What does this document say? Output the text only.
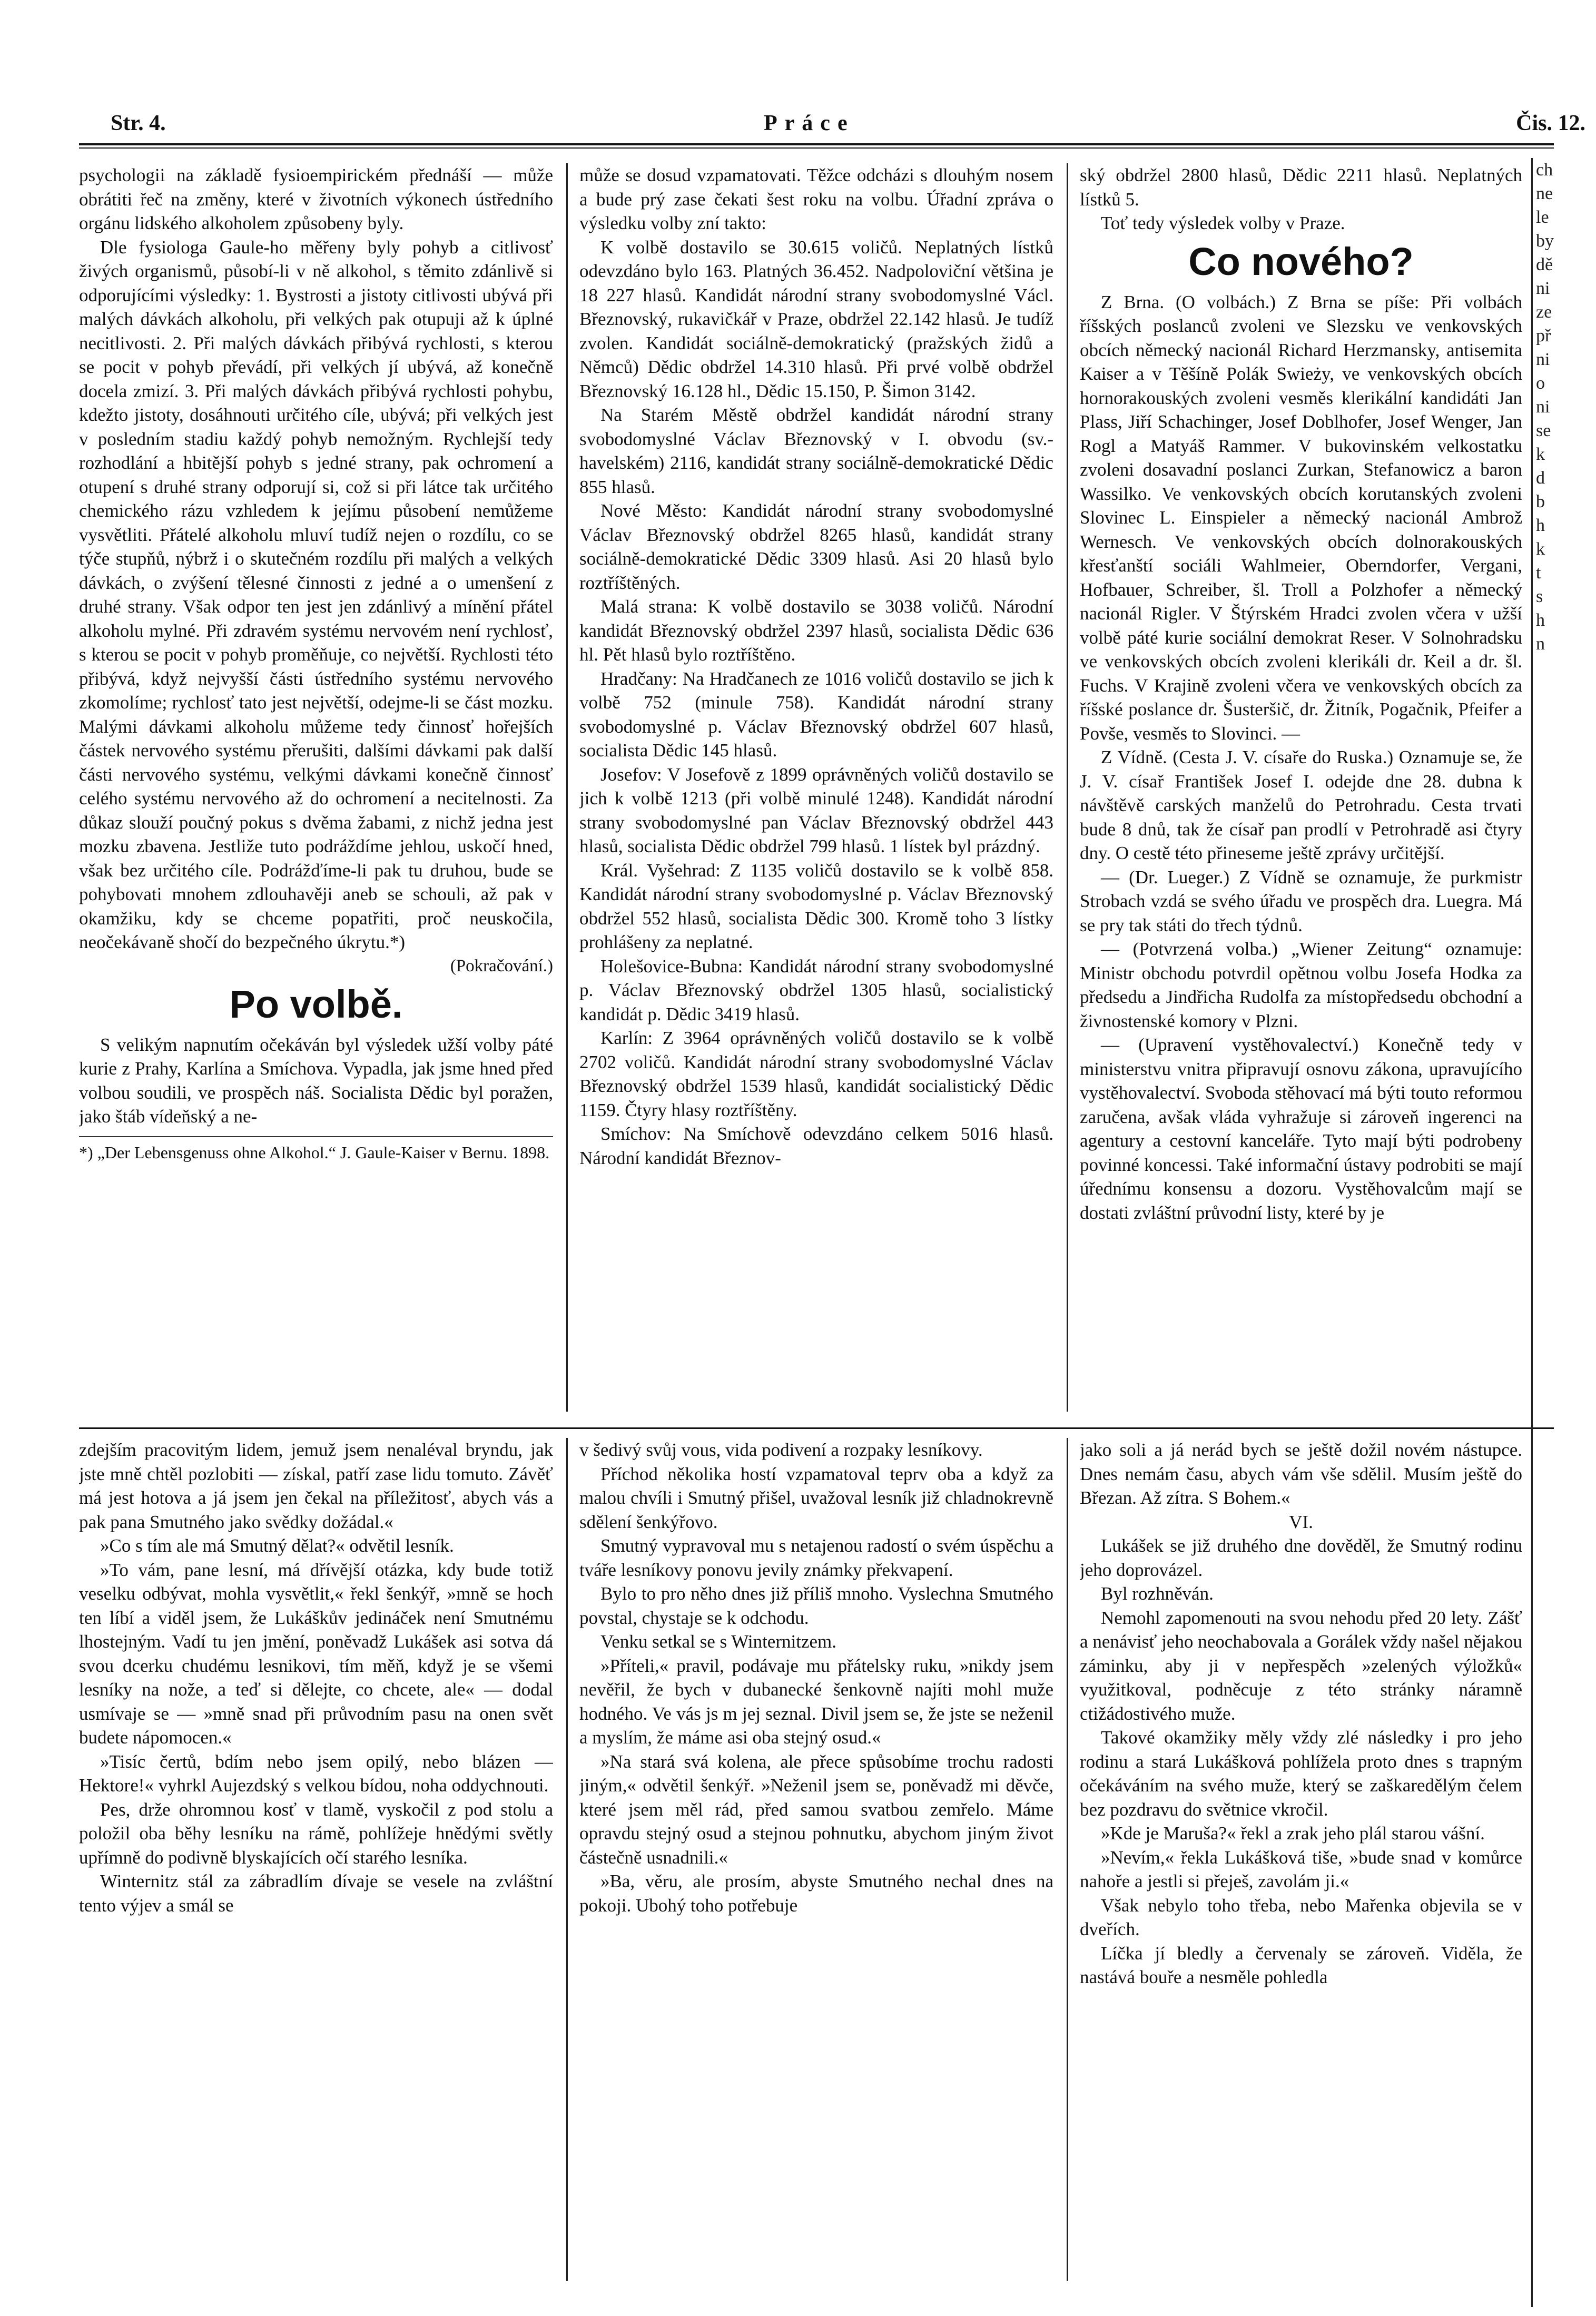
Str. 4.	Práce	Čis. 12.

psychologii na základě fysioempirickém přednáší — může obrátiti řeč na změny, které v životních výkonech ústředního orgánu lidského alkoholem způsobeny byly.

Dle fysiologa Gaule-ho měřeny byly pohyb a citlivosť živých organismů, působí-li v ně alkohol, s těmito zdánlivě si odporujícími výsledky: 1. Bystrosti a jistoty citlivosti ubývá při malých dávkách alkoholu, při velkých pak otupuji až k úplné necitlivosti. 2. Při malých dávkách přibývá rychlosti, s kterou se pocit v pohyb převádí, při velkých jí ubývá, až konečně docela zmizí. 3. Při malých dávkách přibývá rychlosti pohybu, kdežto jistoty, dosáhnouti určitého cíle, ubývá; při velkých jest v posledním stadiu každý pohyb nemožným. Rychlejší tedy rozhodlání a hbitější pohyb s jedné strany, pak ochromení a otupení s druhé strany odporují si, což si při látce tak určitého chemického rázu vzhledem k jejímu působení nemůžeme vysvětliti. Přátelé alkoholu mluví tudíž nejen o rozdílu, co se týče stupňů, nýbrž i o skutečném rozdílu při malých a velkých dávkách, o zvýšení tělesné činnosti z jedné a o umenšení z druhé strany. Však odpor ten jest jen zdánlivý a mínění přátel alkoholu mylné. Při zdravém systému nervovém není rychlosť, s kterou se pocit v pohyb proměňuje, co největší. Rychlosti této přibývá, když nejvyšší části ústředního systému nervového zkomolíme; rychlosť tato jest největší, odejme-li se část mozku. Malými dávkami alkoholu můžeme tedy činnosť hořejších částek nervového systému přerušiti, dalšími dávkami pak další části nervového systému, velkými dávkami konečně činnosť celého systému nervového až do ochromení a necitelnosti. Za důkaz slouží poučný pokus s dvěma žabami, z nichž jedna jest mozku zbavena. Jestliže tuto podráždíme jehlou, uskočí hned, však bez určitého cíle. Podrážďíme-li pak tu druhou, bude se pohybovati mnohem zdlouhavěji aneb se schouli, až pak v okamžiku, kdy se chceme popatřiti, proč neuskočila, neočekávaně shočí do bezpečného úkrytu.*)

(Pokračování.)
Po volbě.

S velikým napnutím očekáván byl výsledek užší volby páté kurie z Prahy, Karlína a Smíchova. Vypadla, jak jsme hned před volbou soudili, ve prospěch náš. Socialista Dědic byl poražen, jako štáb vídeňský a ne-

*) „Der Lebensgenuss ohne Alkohol.“ J. Gaule-Kaiser v Bernu. 1898.

může se dosud vzpamatovati. Těžce odcházi s dlouhým nosem a bude prý zase čekati šest roku na volbu. Úřadní zpráva o výsledku volby zní takto:

K volbě dostavilo se 30.615 voličů. Neplatných lístků odevzdáno bylo 163. Platných 36.452. Nadpoloviční většina je 18 227 hlasů. Kandidát národní strany svobodomyslné Václ. Březnovský, rukavičkář v Praze, obdržel 22.142 hlasů. Je tudíž zvolen. Kandidát sociálně-demokratický (pražských židů a Němců) Dědic obdržel 14.310 hlasů. Při prvé volbě obdržel Březnovský 16.128 hl., Dědic 15.150, P. Šimon 3142.

Na Starém Městě obdržel kandidát národní strany svobodomyslné Václav Březnovský v I. obvodu (sv.-havelském) 2116, kandidát strany sociálně-demokratické Dědic 855 hlasů.

Nové Město: Kandidát národní strany svobodomyslné Václav Březnovský obdržel 8265 hlasů, kandidát strany sociálně-demokratické Dědic 3309 hlasů. Asi 20 hlasů bylo roztříštěných.

Malá strana: K volbě dostavilo se 3038 voličů. Národní kandidát Březnovský obdržel 2397 hlasů, socialista Dědic 636 hl. Pět hlasů bylo roztříštěno.

Hradčany: Na Hradčanech ze 1016 voličů dostavilo se jich k volbě 752 (minule 758). Kandidát národní strany svobodomyslné p. Václav Březnovský obdržel 607 hlasů, socialista Dědic 145 hlasů.

Josefov: V Josefově z 1899 oprávněných voličů dostavilo se jich k volbě 1213 (při volbě minulé 1248). Kandidát národní strany svobodomyslné pan Václav Březnovský obdržel 443 hlasů, socialista Dědic obdržel 799 hlasů. 1 lístek byl prázdný.

Král. Vyšehrad: Z 1135 voličů dostavilo se k volbě 858. Kandidát národní strany svobodomyslné p. Václav Březnovský obdržel 552 hlasů, socialista Dědic 300. Kromě toho 3 lístky prohlášeny za neplatné.

Holešovice-Bubna: Kandidát národní strany svobodomyslné p. Václav Březnovský obdržel 1305 hlasů, socialistický kandidát p. Dědic 3419 hlasů.

Karlín: Z 3964 oprávněných voličů dostavilo se k volbě 2702 voličů. Kandidát národní strany svobodomyslné Václav Březnovský obdržel 1539 hlasů, kandidát socialistický Dědic 1159. Čtyry hlasy roztříštěny.

Smíchov: Na Smíchově odevzdáno celkem 5016 hlasů. Národní kandidát Březnov-

ský obdržel 2800 hlasů, Dědic 2211 hlasů. Neplatných lístků 5.

Toť tedy výsledek volby v Praze.

Co nového?

Z Brna. (O volbách.) Z Brna se píše: Při volbách říšských poslanců zvoleni ve Slezsku ve venkovských obcích německý nacionál Richard Herzmansky, antisemita Kaiser a v Těšíně Polák Swieży, ve venkovských obcích hornorakouských zvoleni vesměs klerikální kandidáti Jan Plass, Jiří Schachinger, Josef Doblhofer, Josef Wenger, Jan Rogl a Matyáš Rammer. V bukovinském velkostatku zvoleni dosavadní poslanci Zurkan, Stefanowicz a baron Wassilko. Ve venkovských obcích korutanských zvoleni Slovinec L. Einspieler a německý nacionál Ambrož Wernesch. Ve venkovských obcích dolnorakouských křesťanští sociáli Wahlmeier, Oberndorfer, Vergani, Hofbauer, Schreiber, šl. Troll a Polzhofer a německý nacionál Rigler. V Štýrském Hradci zvolen včera v užší volbě páté kurie sociální demokrat Reser. V Solnohradsku ve venkovských obcích zvoleni klerikáli dr. Keil a dr. šl. Fuchs. V Krajině zvoleni včera ve venkovských obcích za říšské poslance dr. Šusteršič, dr. Žitník, Pogačnik, Pfeifer a Povše, vesměs to Slovinci. —

Z Vídně. (Cesta J. V. císaře do Ruska.) Oznamuje se, že J. V. císař František Josef I. odejde dne 28. dubna k návštěvě carských manželů do Petrohradu. Cesta trvati bude 8 dnů, tak že císař pan prodlí v Petrohradě asi čtyry dny. O cestě této přineseme ještě zprávy určitější.

— (Dr. Lueger.) Z Vídně se oznamuje, že purkmistr Strobach vzdá se svého úřadu ve prospěch dra. Luegra. Má se pry tak státi do třech týdnů.

— (Potvrzená volba.) „Wiener Zeitung“ oznamuje: Ministr obchodu potvrdil opětnou volbu Josefa Hodka za předsedu a Jindřicha Rudolfa za místopředsedu obchodní a živnostenské komory v Plzni.

— (Upravení vystěhovalectví.) Konečně tedy v ministerstvu vnitra připravují osnovu zákona, upravujícího vystěhovalectví. Svoboda stěhovací má býti touto reformou zaručena, avšak vláda vyhražuje si zároveň ingerenci na agentury a cestovní kanceláře. Tyto mají býti podrobeny povinné koncessi. Také informační ústavy podrobiti se mají úřednímu konsensu a dozoru. Vystěhovalcům mají se dostati zvláštní průvodní listy, které by je

zdejším pracovitým lidem, jemuž jsem nenaléval bryndu, jak jste mně chtěl pozlobiti — získal, patří zase lidu tomuto. Závěť má jest hotova a já jsem jen čekal na příležitosť, abych vás a pak pana Smutného jako svědky dožádal.«

»Co s tím ale má Smutný dělat?« odvětil lesník.

»To vám, pane lesní, má dřívější otázka, kdy bude totiž veselku odbývat, mohla vysvětlit,« řekl šenkýř, »mně se hoch ten líbí a viděl jsem, že Lukáškův jedináček není Smutnému lhostejným. Vadí tu jen jmění, poněvadž Lukášek asi sotva dá svou dcerku chudému lesnikovi, tím měň, když je se všemi lesníky na nože, a teď si dělejte, co chcete, ale« — dodal usmívaje se — »mně snad při průvodním pasu na onen svět budete nápomocen.«

»Tisíc čertů, bdím nebo jsem opilý, nebo blázen — Hektore!« vyhrkl Aujezdský s velkou bídou, noha oddychnouti.

Pes, drže ohromnou kosť v tlamě, vyskočil z pod stolu a položil oba běhy lesníku na rámě, pohlížeje hnědými světly upřímně do podivně blyskajících očí starého lesníka.

Winternitz stál za zábradlím dívaje se vesele na zvláštní tento výjev a smál se

v šedivý svůj vous, vida podivení a rozpaky lesníkovy.

Příchod několika hostí vzpamatoval teprv oba a když za malou chvíli i Smutný přišel, uvažoval lesník již chladnokrevně sdělení šenkýřovo.

Smutný vypravoval mu s netajenou radostí o svém úspěchu a tváře lesníkovy ponovu jevily známky překvapení.

Bylo to pro něho dnes již příliš mnoho. Vyslechna Smutného povstal, chystaje se k odchodu.

Venku setkal se s Winternitzem.

»Příteli,« pravil, podávaje mu přátelsky ruku, »nikdy jsem nevěřil, že bych v dubanecké šenkovně najíti mohl muže hodného. Ve vás js m jej seznal. Divil jsem se, že jste se neženil a myslím, že máme asi oba stejný osud.«

»Na stará svá kolena, ale přece spůsobíme trochu radosti jiným,« odvětil šenkýř. »Neženil jsem se, poněvadž mi děvče, které jsem měl rád, před samou svatbou zemřelo. Máme opravdu stejný osud a stejnou pohnutku, abychom jiným život částečně usnadnili.«

»Ba, věru, ale prosím, abyste Smutného nechal dnes na pokoji. Ubohý toho potřebuje

jako soli a já nerád bych se ještě dožil novém nástupce. Dnes nemám času, abych vám vše sdělil. Musím ještě do Březan. Až zítra. S Bohem.«

VI.

Lukášek se již druhého dne dověděl, že Smutný rodinu jeho doprovázel.

Byl rozhněván.

Nemohl zapomenouti na svou nehodu před 20 lety. Zášť a nenávisť jeho neochabovala a Gorálek vždy našel nějakou záminku, aby ji v nepřespěch »zelených výložků« využitkoval, podněcuje z této stránky náramně ctižádostivého muže.

Takové okamžiky měly vždy zlé následky i pro jeho rodinu a stará Lukášková pohlížela proto dnes s trapným očekáváním na svého muže, který se zaškaredělým čelem bez pozdravu do světnice vkročil.

»Kde je Maruša?« řekl a zrak jeho plál starou vášní.

»Nevím,« řekla Lukášková tiše, »bude snad v komůrce nahoře a jestli si přeješ, zavolám ji.«

Však nebylo toho třeba, nebo Mařenka objevila se v dveřích.

Líčka jí bledly a červenaly se zároveň. Viděla, že nastává bouře a nesměle pohledla

ch
ne
le
by
dě
ni
ze
př
ni
o
ni
se
k
d
b
h
k
t
s
h
n
